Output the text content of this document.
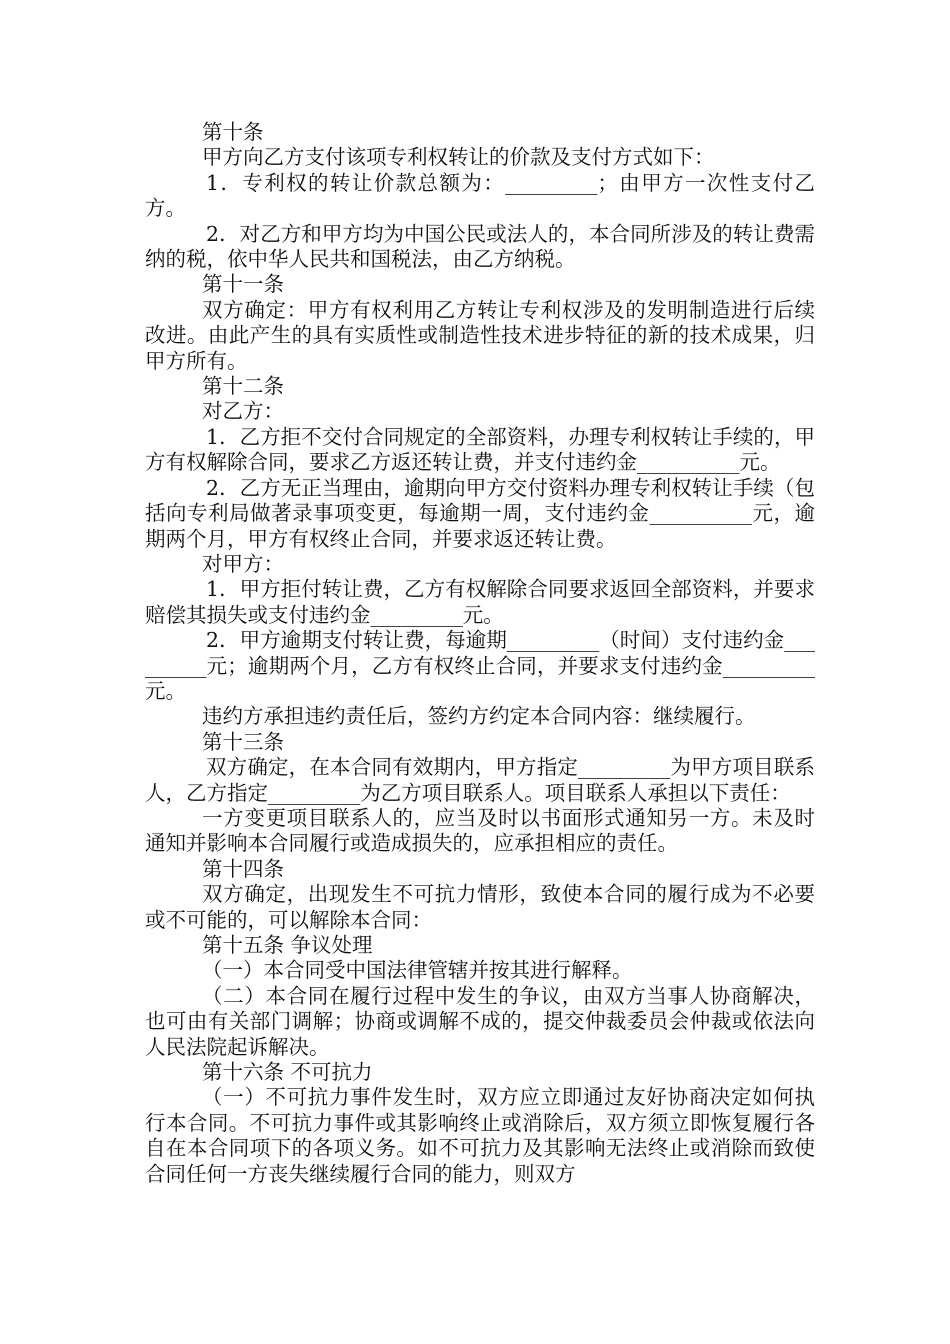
第十条

甲方向乙方支付该项专利权转让的价款及支付方式如下：

1．专利权的转让价款总额为：_________；由甲方一次性支付乙方。

2．对乙方和甲方均为中国公民或法人的，本合同所涉及的转让费需纳的税，依中华人民共和国税法，由乙方纳税。

第十一条

双方确定：甲方有权利用乙方转让专利权涉及的发明制造进行后续改进。由此产生的具有实质性或制造性技术进步特征的新的技术成果，归甲方所有。

第十二条

对乙方：

1．乙方拒不交付合同规定的全部资料，办理专利权转让手续的，甲方有权解除合同，要求乙方返还转让费，并支付违约金__________元。

2．乙方无正当理由，逾期向甲方交付资料办理专利权转让手续（包括向专利局做著录事项变更，每逾期一周，支付违约金__________元，逾期两个月，甲方有权终止合同，并要求返还转让费。

对甲方：

1．甲方拒付转让费，乙方有权解除合同要求返回全部资料，并要求赔偿其损失或支付违约金_________元。

2．甲方逾期支付转让费，每逾期_________（时间）支付违约金_________元；逾期两个月，乙方有权终止合同，并要求支付违约金_________元。

违约方承担违约责任后，签约方约定本合同内容：继续履行。

第十三条

双方确定，在本合同有效期内，甲方指定_________为甲方项目联系人，乙方指定_________为乙方项目联系人。项目联系人承担以下责任：

一方变更项目联系人的，应当及时以书面形式通知另一方。未及时通知并影响本合同履行或造成损失的，应承担相应的责任。

第十四条

双方确定，出现发生不可抗力情形，致使本合同的履行成为不必要或不可能的，可以解除本合同：

第十五条 争议处理

（一）本合同受中国法律管辖并按其进行解释。

（二）本合同在履行过程中发生的争议，由双方当事人协商解决，也可由有关部门调解；协商或调解不成的，提交仲裁委员会仲裁或依法向人民法院起诉解决。

第十六条 不可抗力

（一）不可抗力事件发生时，双方应立即通过友好协商决定如何执行本合同。不可抗力事件或其影响终止或消除后，双方须立即恢复履行各自在本合同项下的各项义务。如不可抗力及其影响无法终止或消除而致使合同任何一方丧失继续履行合同的能力，则双方
